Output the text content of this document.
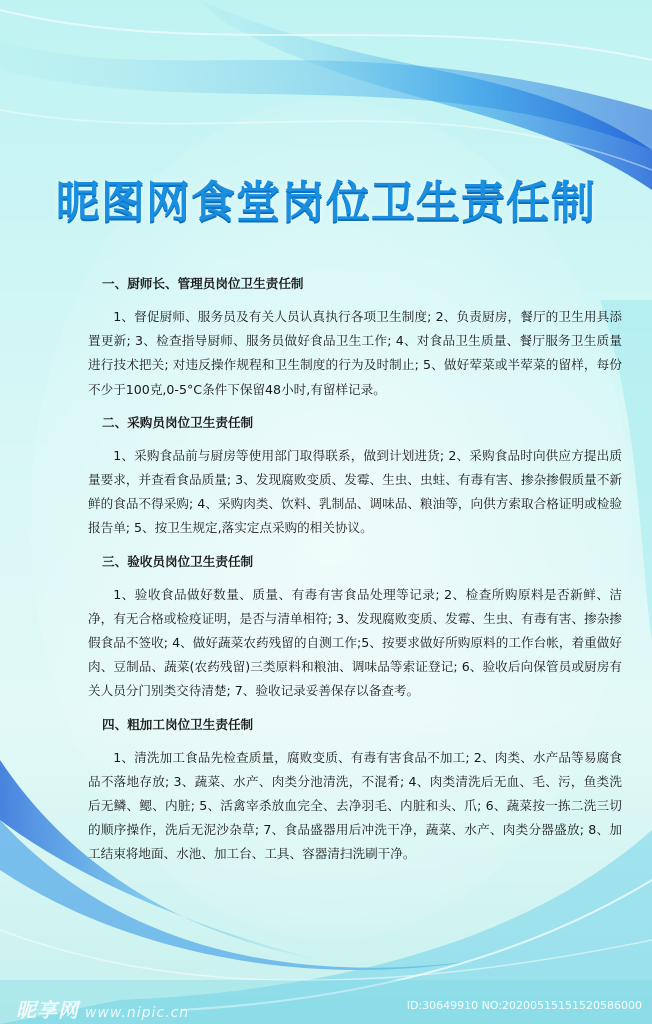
昵图网食堂岗位卫生责任制
一、厨师长、管理员岗位卫生责任制
1、督促厨师、服务员及有关人员认真执行各项卫生制度; 2、负责厨房，餐厅的卫生用具添置更新; 3、检查指导厨师、服务员做好食品卫生工作; 4、对食品卫生质量、餐厅服务卫生质量进行技术把关; 对违反操作规程和卫生制度的行为及时制止; 5、做好荤菜或半荤菜的留样，每份不少于100克,0-5°C条件下保留48小时,有留样记录。
二、采购员岗位卫生责任制
1、采购食品前与厨房等使用部门取得联系，做到计划进货; 2、采购食品时向供应方提出质量要求，并查看食品质量; 3、发现腐败变质、发霉、生虫、虫蛀、有毒有害、掺杂掺假质量不新鲜的食品不得采购; 4、采购肉类、饮料、乳制品、调味品、粮油等，向供方索取合格证明或检验报告单; 5、按卫生规定,落实定点采购的相关协议。
三、验收员岗位卫生责任制
1、验收食品做好数量、质量、有毒有害食品处理等记录; 2、检查所购原料是否新鲜、洁净，有无合格或检疫证明，是否与清单相符; 3、发现腐败变质、发霉、生虫、有毒有害、掺杂掺假食品不签收; 4、做好蔬菜农药残留的自测工作;5、按要求做好所购原料的工作台帐，着重做好肉、豆制品、蔬菜(农药残留)三类原料和粮油、调味品等索证登记; 6、验收后向保管员或厨房有关人员分门别类交待清楚; 7、验收记录妥善保存以备查考。
四、粗加工岗位卫生责任制
1、清洗加工食品先检查质量，腐败变质、有毒有害食品不加工; 2、肉类、水产品等易腐食品不落地存放; 3、蔬菜、水产、肉类分池清洗，不混肴; 4、肉类清洗后无血、毛、污，鱼类洗后无鳞、鳃、内脏; 5、活禽宰杀放血完全、去净羽毛、内脏和头、爪; 6、蔬菜按一拣二洗三切的顺序操作，洗后无泥沙杂草; 7、食品盛器用后冲洗干净，蔬菜、水产、肉类分器盛放; 8、加工结束将地面、水池、加工台、工具、容器清扫洗刷干净。
昵享网 www.nipic.cn	ID:30649910 NO:20200515151520586000
